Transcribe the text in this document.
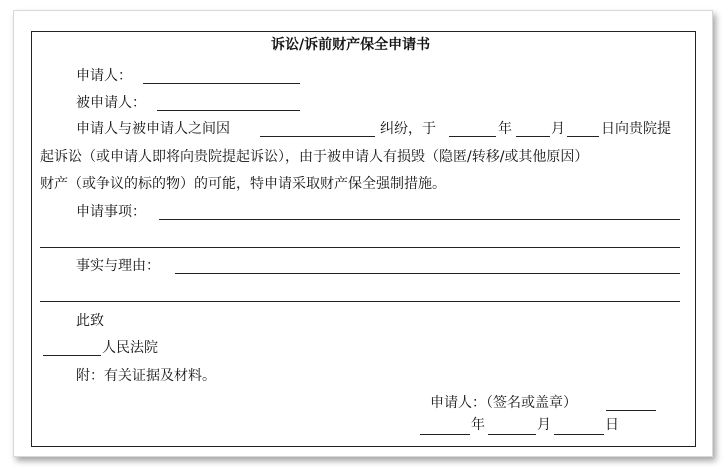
诉讼/诉前财产保全申请书
申请人：
被申请人：
申请人与被申请人之间因	纠纷，于	年	月	日向贵院提
起诉讼（或申请人即将向贵院提起诉讼），由于被申请人有损毁（隐匿/转移/或其他原因）
财产（或争议的标的物）的可能，特申请采取财产保全强制措施。
申请事项：
事实与理由：
此致
人民法院
附：有关证据及材料。
申请人：（签名或盖章）
年	月	日
